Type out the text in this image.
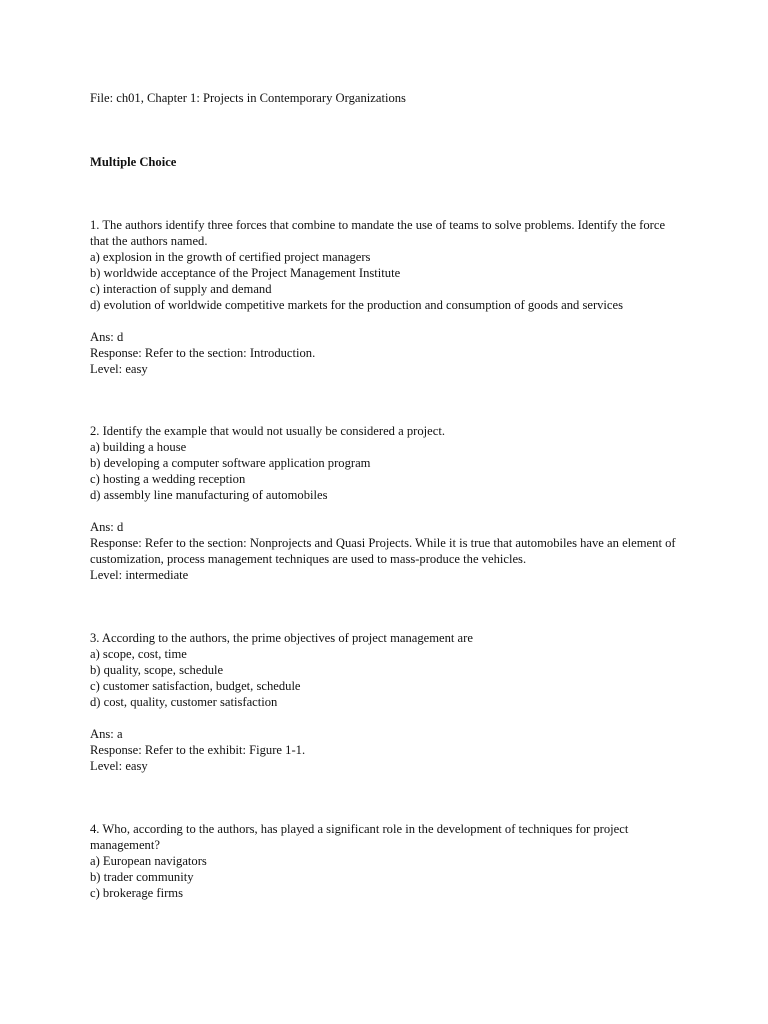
File: ch01, Chapter 1: Projects in Contemporary Organizations

Multiple Choice

1. The authors identify three forces that combine to mandate the use of teams to solve problems. Identify the force that the authors named.

a) explosion in the growth of certified project managers

b) worldwide acceptance of the Project Management Institute

c) interaction of supply and demand

d) evolution of worldwide competitive markets for the production and consumption of goods and services

Ans: d

Response: Refer to the section: Introduction.

Level: easy

2. Identify the example that would not usually be considered a project.

a) building a house

b) developing a computer software application program

c) hosting a wedding reception

d) assembly line manufacturing of automobiles

Ans: d

Response: Refer to the section: Nonprojects and Quasi Projects. While it is true that automobiles have an element of customization, process management techniques are used to mass-produce the vehicles.

Level: intermediate

3. According to the authors, the prime objectives of project management are

a) scope, cost, time

b) quality, scope, schedule

c) customer satisfaction, budget, schedule

d) cost, quality, customer satisfaction

Ans: a

Response: Refer to the exhibit: Figure 1-1.

Level: easy

4. Who, according to the authors, has played a significant role in the development of techniques for project management?

a) European navigators

b) trader community

c) brokerage firms
